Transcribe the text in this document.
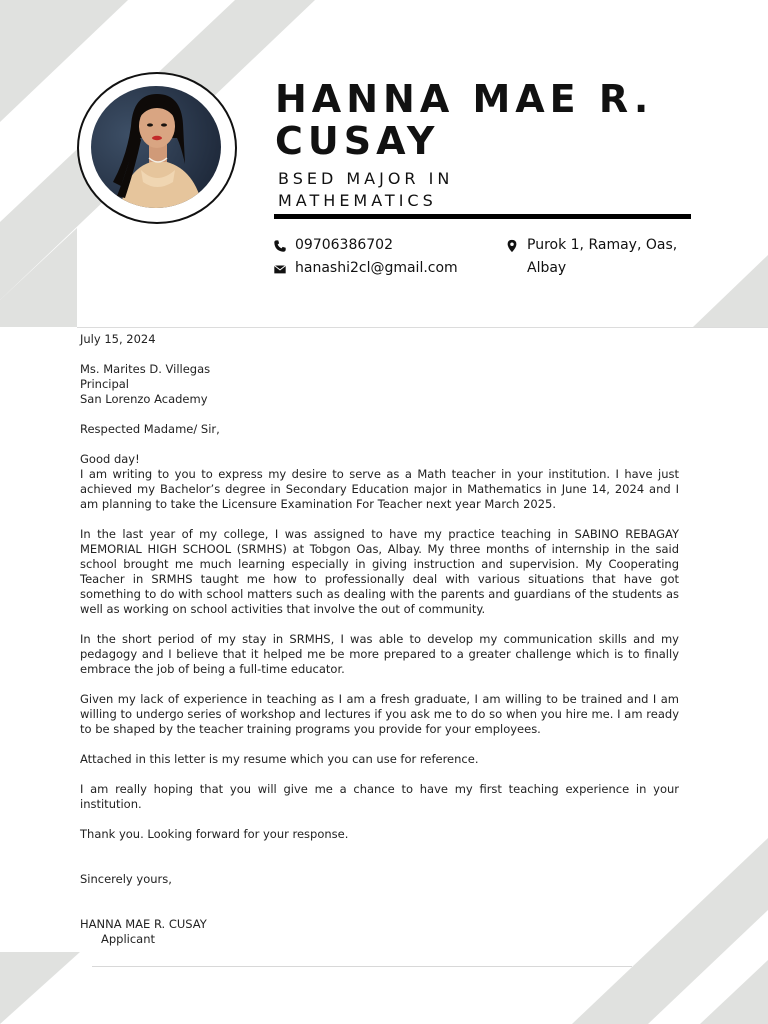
HANNA MAE R. CUSAY

BSED MAJOR IN MATHEMATICS

09706386702
hanashi2cl@gmail.com
Purok 1, Ramay, Oas, Albay

July 15, 2024

Ms. Marites D. Villegas

Principal

San Lorenzo Academy

Respected Madame/ Sir,

Good day!

I am writing to you to express my desire to serve as a Math teacher in your institution. I have just achieved my Bachelor’s degree in Secondary Education major in Mathematics in June 14, 2024 and I am planning to take the Licensure Examination For Teacher next year March 2025.

In the last year of my college, I was assigned to have my practice teaching in SABINO REBAGAY MEMORIAL HIGH SCHOOL (SRMHS) at Tobgon Oas, Albay. My three months of internship in the said school brought me much learning especially in giving instruction and supervision. My Cooperating Teacher in SRMHS taught me how to professionally deal with various situations that have got something to do with school matters such as dealing with the parents and guardians of the students as well as working on school activities that involve the out of community.

In the short period of my stay in SRMHS, I was able to develop my communication skills and my pedagogy and I believe that it helped me be more prepared to a greater challenge which is to finally embrace the job of being a full-time educator.

Given my lack of experience in teaching as I am a fresh graduate, I am willing to be trained and I am willing to undergo series of workshop and lectures if you ask me to do so when you hire me. I am ready to be shaped by the teacher training programs you provide for your employees.

Attached in this letter is my resume which you can use for reference.

I am really hoping that you will give me a chance to have my first teaching experience in your institution.

Thank you. Looking forward for your response.

Sincerely yours,

HANNA MAE R. CUSAY

Applicant
